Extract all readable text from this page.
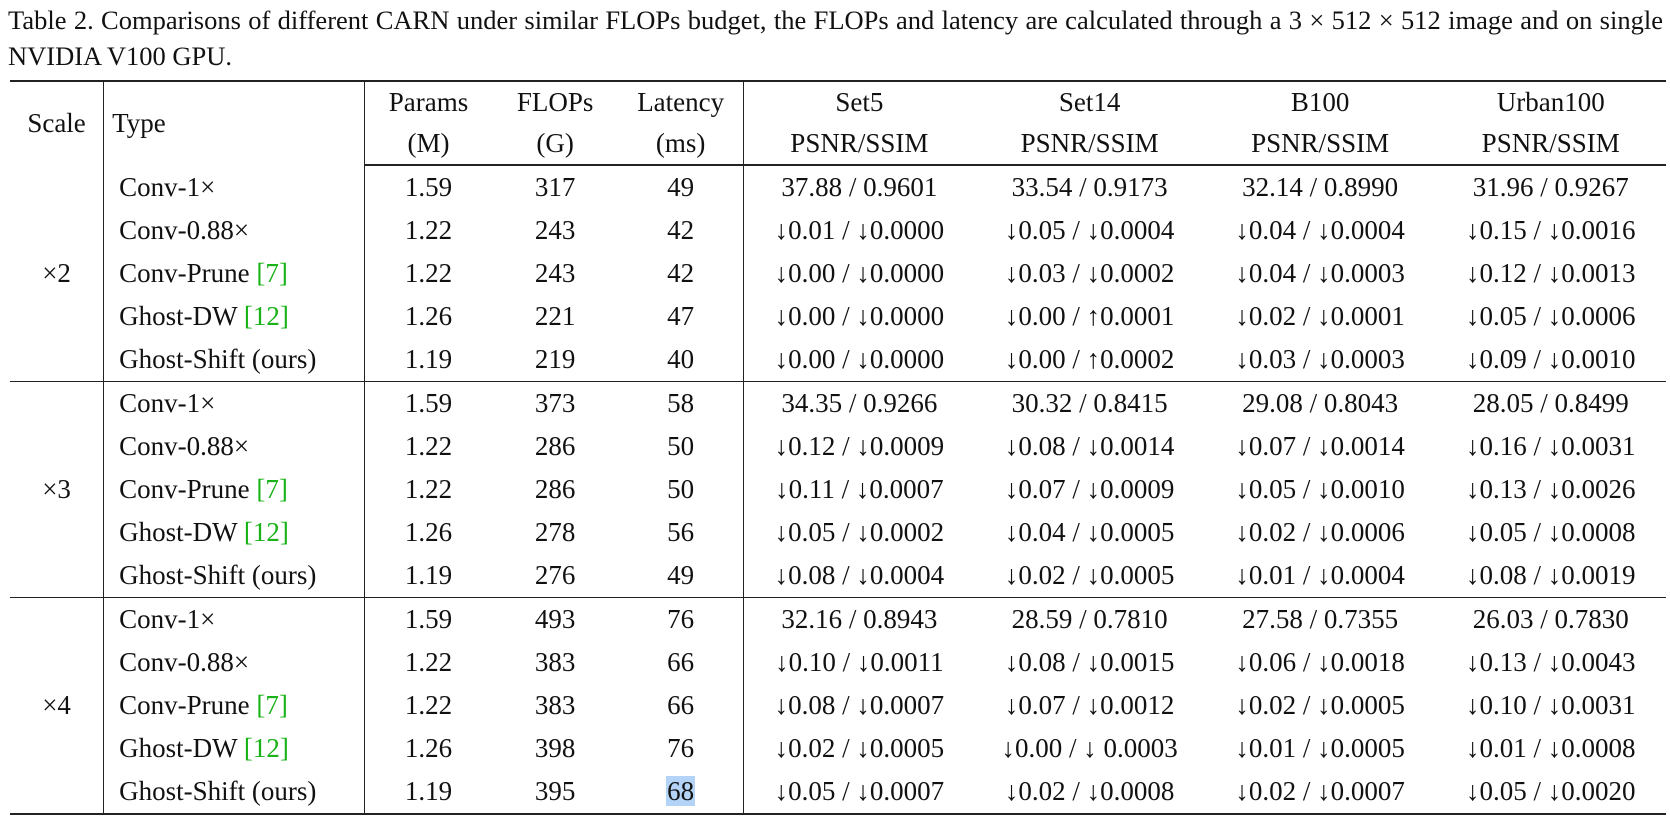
Table 2. Comparisons of different CARN under similar FLOPs budget, the FLOPs and latency are calculated through a 3 × 512 × 512 image and on single NVIDIA V100 GPU.
Scale	Type	Params	FLOPs	Latency	Set5	Set14	B100	Urban100
		(M)	(G)	(ms)	PSNR/SSIM	PSNR/SSIM	PSNR/SSIM	PSNR/SSIM
×2	Conv-1×	1.59	317	49	37.88 / 0.9601	33.54 / 0.9173	32.14 / 0.8990	31.96 / 0.9267
	Conv-0.88×	1.22	243	42	↓0.01 / ↓0.0000	↓0.05 / ↓0.0004	↓0.04 / ↓0.0004	↓0.15 / ↓0.0016
	Conv-Prune [7]	1.22	243	42	↓0.00 / ↓0.0000	↓0.03 / ↓0.0002	↓0.04 / ↓0.0003	↓0.12 / ↓0.0013
	Ghost-DW [12]	1.26	221	47	↓0.00 / ↓0.0000	↓0.00 / ↑0.0001	↓0.02 / ↓0.0001	↓0.05 / ↓0.0006
	Ghost-Shift (ours)	1.19	219	40	↓0.00 / ↓0.0000	↓0.00 / ↑0.0002	↓0.03 / ↓0.0003	↓0.09 / ↓0.0010
×3	Conv-1×	1.59	373	58	34.35 / 0.9266	30.32 / 0.8415	29.08 / 0.8043	28.05 / 0.8499
	Conv-0.88×	1.22	286	50	↓0.12 / ↓0.0009	↓0.08 / ↓0.0014	↓0.07 / ↓0.0014	↓0.16 / ↓0.0031
	Conv-Prune [7]	1.22	286	50	↓0.11 / ↓0.0007	↓0.07 / ↓0.0009	↓0.05 / ↓0.0010	↓0.13 / ↓0.0026
	Ghost-DW [12]	1.26	278	56	↓0.05 / ↓0.0002	↓0.04 / ↓0.0005	↓0.02 / ↓0.0006	↓0.05 / ↓0.0008
	Ghost-Shift (ours)	1.19	276	49	↓0.08 / ↓0.0004	↓0.02 / ↓0.0005	↓0.01 / ↓0.0004	↓0.08 / ↓0.0019
×4	Conv-1×	1.59	493	76	32.16 / 0.8943	28.59 / 0.7810	27.58 / 0.7355	26.03 / 0.7830
	Conv-0.88×	1.22	383	66	↓0.10 / ↓0.0011	↓0.08 / ↓0.0015	↓0.06 / ↓0.0018	↓0.13 / ↓0.0043
	Conv-Prune [7]	1.22	383	66	↓0.08 / ↓0.0007	↓0.07 / ↓0.0012	↓0.02 / ↓0.0005	↓0.10 / ↓0.0031
	Ghost-DW [12]	1.26	398	76	↓0.02 / ↓0.0005	↓0.00 / ↓ 0.0003	↓0.01 / ↓0.0005	↓0.01 / ↓0.0008
	Ghost-Shift (ours)	1.19	395	68	↓0.05 / ↓0.0007	↓0.02 / ↓0.0008	↓0.02 / ↓0.0007	↓0.05 / ↓0.0020
